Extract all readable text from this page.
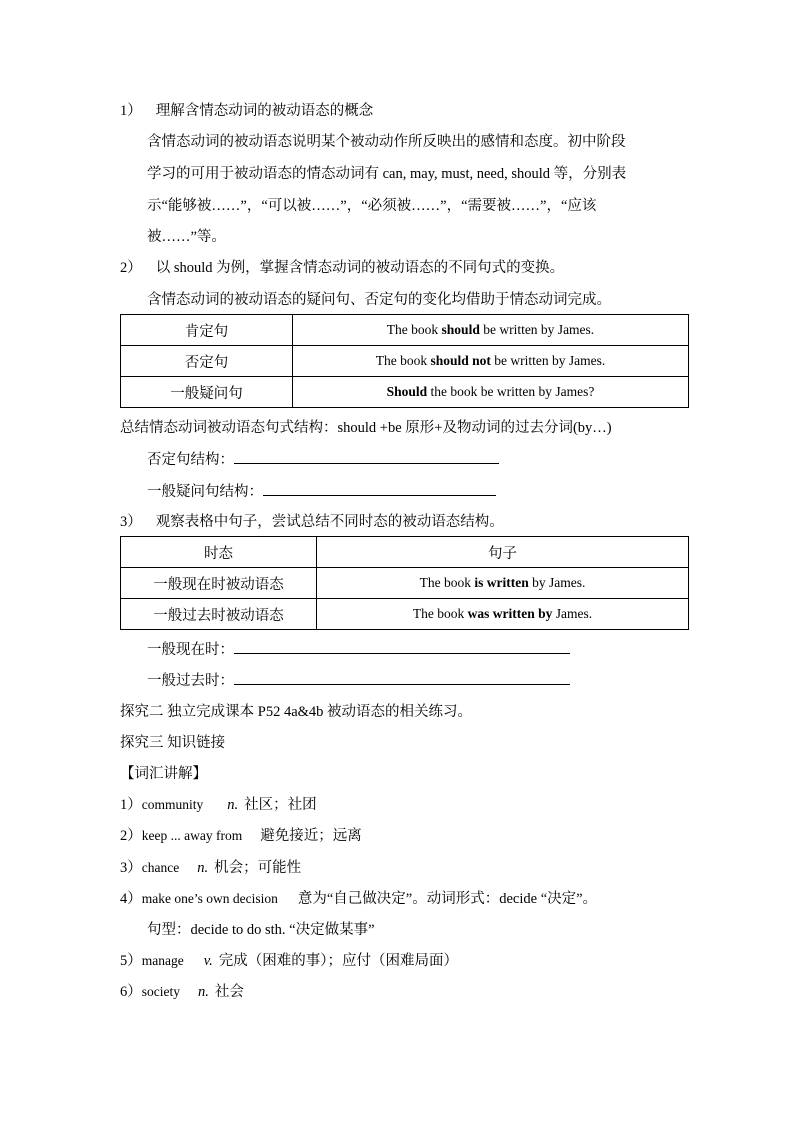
1） 理解含情态动词的被动语态的概念
含情态动词的被动语态说明某个被动动作所反映出的感情和态度。初中阶段
学习的可用于被动语态的情态动词有 can, may, must, need, should 等，分别表
示“能够被……”，“可以被……”，“必须被……”，“需要被……”，“应该
被……”等。
2） 以 should 为例，掌握含情态动词的被动语态的不同句式的变换。
含情态动词的被动语态的疑问句、否定句的变化均借助于情态动词完成。
肯定句	The book should be written by James.
否定句	The book should not be written by James.
一般疑问句	Should the book be written by James?
总结情态动词被动语态句式结构：should +be 原形+及物动词的过去分词(by…)
否定句结构：
一般疑问句结构：
3） 观察表格中句子，尝试总结不同时态的被动语态结构。
时态	句子
一般现在时被动语态	The book is written by James.
一般过去时被动语态	The book was written by James.
一般现在时：
一般过去时：
探究二 独立完成课本 P52 4a&4b 被动语态的相关练习。
探究三 知识链接
【词汇讲解】
1）community n. 社区；社团
2）keep ... away from 避免接近；远离
3）chance n. 机会；可能性
4）make one’s own decision 意为“自己做决定”。动词形式：decide “决定”。
句型：decide to do sth. “决定做某事”
5）manage v. 完成（困难的事）；应付（困难局面）
6）society n. 社会
